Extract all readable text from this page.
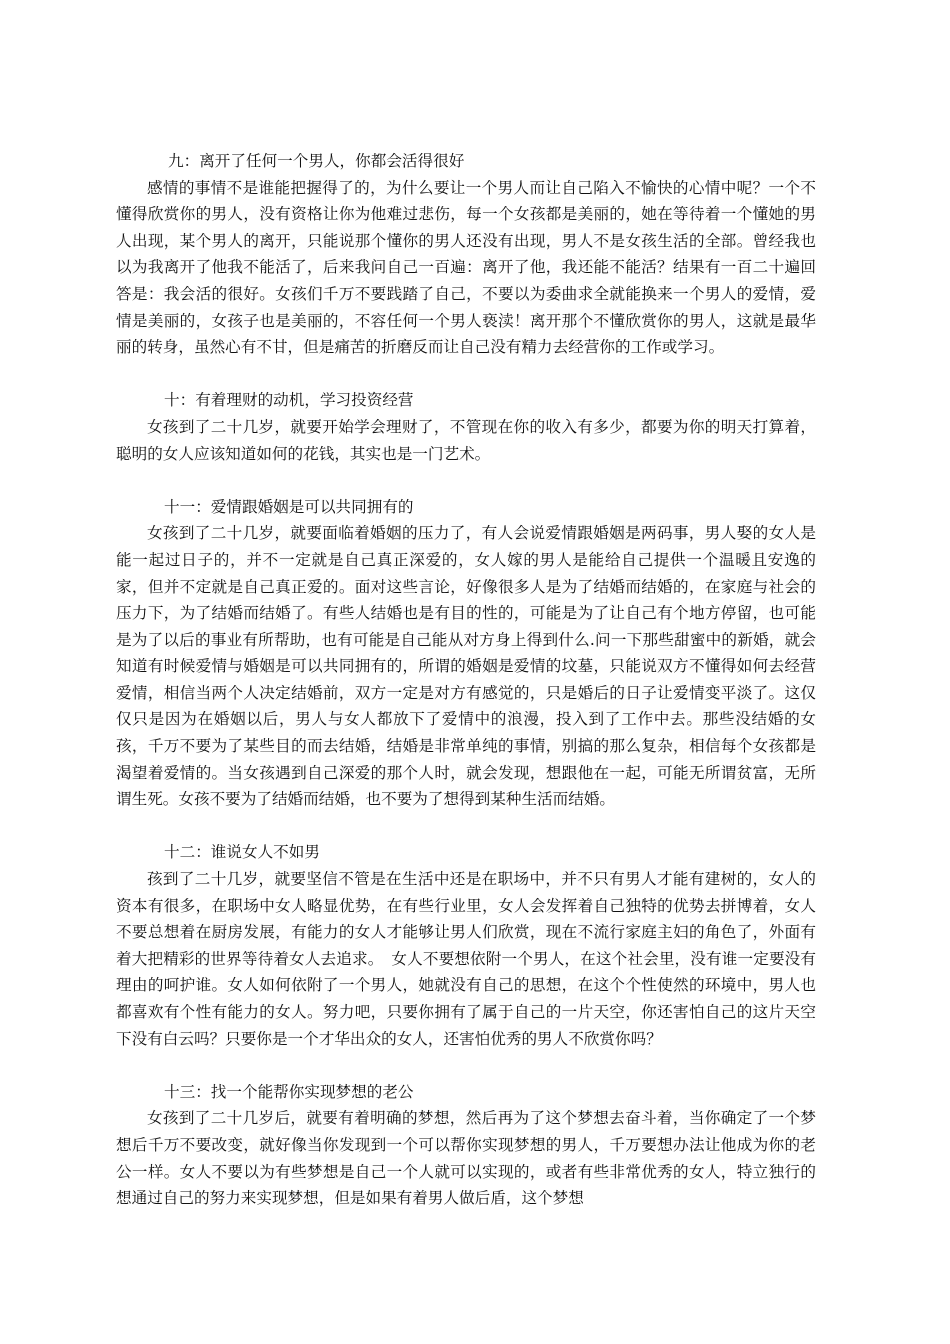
九：离开了任何一个男人，你都会活得很好

感情的事情不是谁能把握得了的，为什么要让一个男人而让自己陷入不愉快的心情中呢？一个不懂得欣赏你的男人，没有资格让你为他难过悲伤，每一个女孩都是美丽的，她在等待着一个懂她的男人出现，某个男人的离开，只能说那个懂你的男人还没有出现，男人不是女孩生活的全部。曾经我也以为我离开了他我不能活了，后来我问自己一百遍：离开了他，我还能不能活？结果有一百二十遍回答是：我会活的很好。女孩们千万不要践踏了自己，不要以为委曲求全就能换来一个男人的爱情，爱情是美丽的，女孩子也是美丽的，不容任何一个男人亵渎！离开那个不懂欣赏你的男人，这就是最华丽的转身，虽然心有不甘，但是痛苦的折磨反而让自己没有精力去经营你的工作或学习。

十：有着理财的动机，学习投资经营

女孩到了二十几岁，就要开始学会理财了，不管现在你的收入有多少，都要为你的明天打算着，聪明的女人应该知道如何的花钱，其实也是一门艺术。

十一：爱情跟婚姻是可以共同拥有的

女孩到了二十几岁，就要面临着婚姻的压力了，有人会说爱情跟婚姻是两码事，男人娶的女人是能一起过日子的，并不一定就是自己真正深爱的，女人嫁的男人是能给自己提供一个温暖且安逸的家，但并不定就是自己真正爱的。面对这些言论，好像很多人是为了结婚而结婚的，在家庭与社会的压力下，为了结婚而结婚了。有些人结婚也是有目的性的，可能是为了让自己有个地方停留，也可能是为了以后的事业有所帮助，也有可能是自己能从对方身上得到什么.问一下那些甜蜜中的新婚，就会知道有时候爱情与婚姻是可以共同拥有的，所谓的婚姻是爱情的坟墓，只能说双方不懂得如何去经营爱情，相信当两个人决定结婚前，双方一定是对方有感觉的，只是婚后的日子让爱情变平淡了。这仅仅只是因为在婚姻以后，男人与女人都放下了爱情中的浪漫，投入到了工作中去。那些没结婚的女孩，千万不要为了某些目的而去结婚，结婚是非常单纯的事情，别搞的那么复杂，相信每个女孩都是渴望着爱情的。当女孩遇到自己深爱的那个人时，就会发现，想跟他在一起，可能无所谓贫富，无所谓生死。女孩不要为了结婚而结婚，也不要为了想得到某种生活而结婚。

十二：谁说女人不如男

孩到了二十几岁，就要坚信不管是在生活中还是在职场中，并不只有男人才能有建树的，女人的资本有很多，在职场中女人略显优势，在有些行业里，女人会发挥着自己独特的优势去拼博着，女人不要总想着在厨房发展，有能力的女人才能够让男人们欣赏，现在不流行家庭主妇的角色了，外面有着大把精彩的世界等待着女人去追求。　女人不要想依附一个男人，在这个社会里，没有谁一定要没有理由的呵护谁。女人如何依附了一个男人，她就没有自己的思想，在这个个性使然的环境中，男人也都喜欢有个性有能力的女人。努力吧，只要你拥有了属于自己的一片天空，你还害怕自己的这片天空下没有白云吗？只要你是一个才华出众的女人，还害怕优秀的男人不欣赏你吗？

十三：找一个能帮你实现梦想的老公

女孩到了二十几岁后，就要有着明确的梦想，然后再为了这个梦想去奋斗着，当你确定了一个梦想后千万不要改变，就好像当你发现到一个可以帮你实现梦想的男人，千万要想办法让他成为你的老公一样。女人不要以为有些梦想是自己一个人就可以实现的，或者有些非常优秀的女人，特立独行的想通过自己的努力来实现梦想，但是如果有着男人做后盾，这个梦想
